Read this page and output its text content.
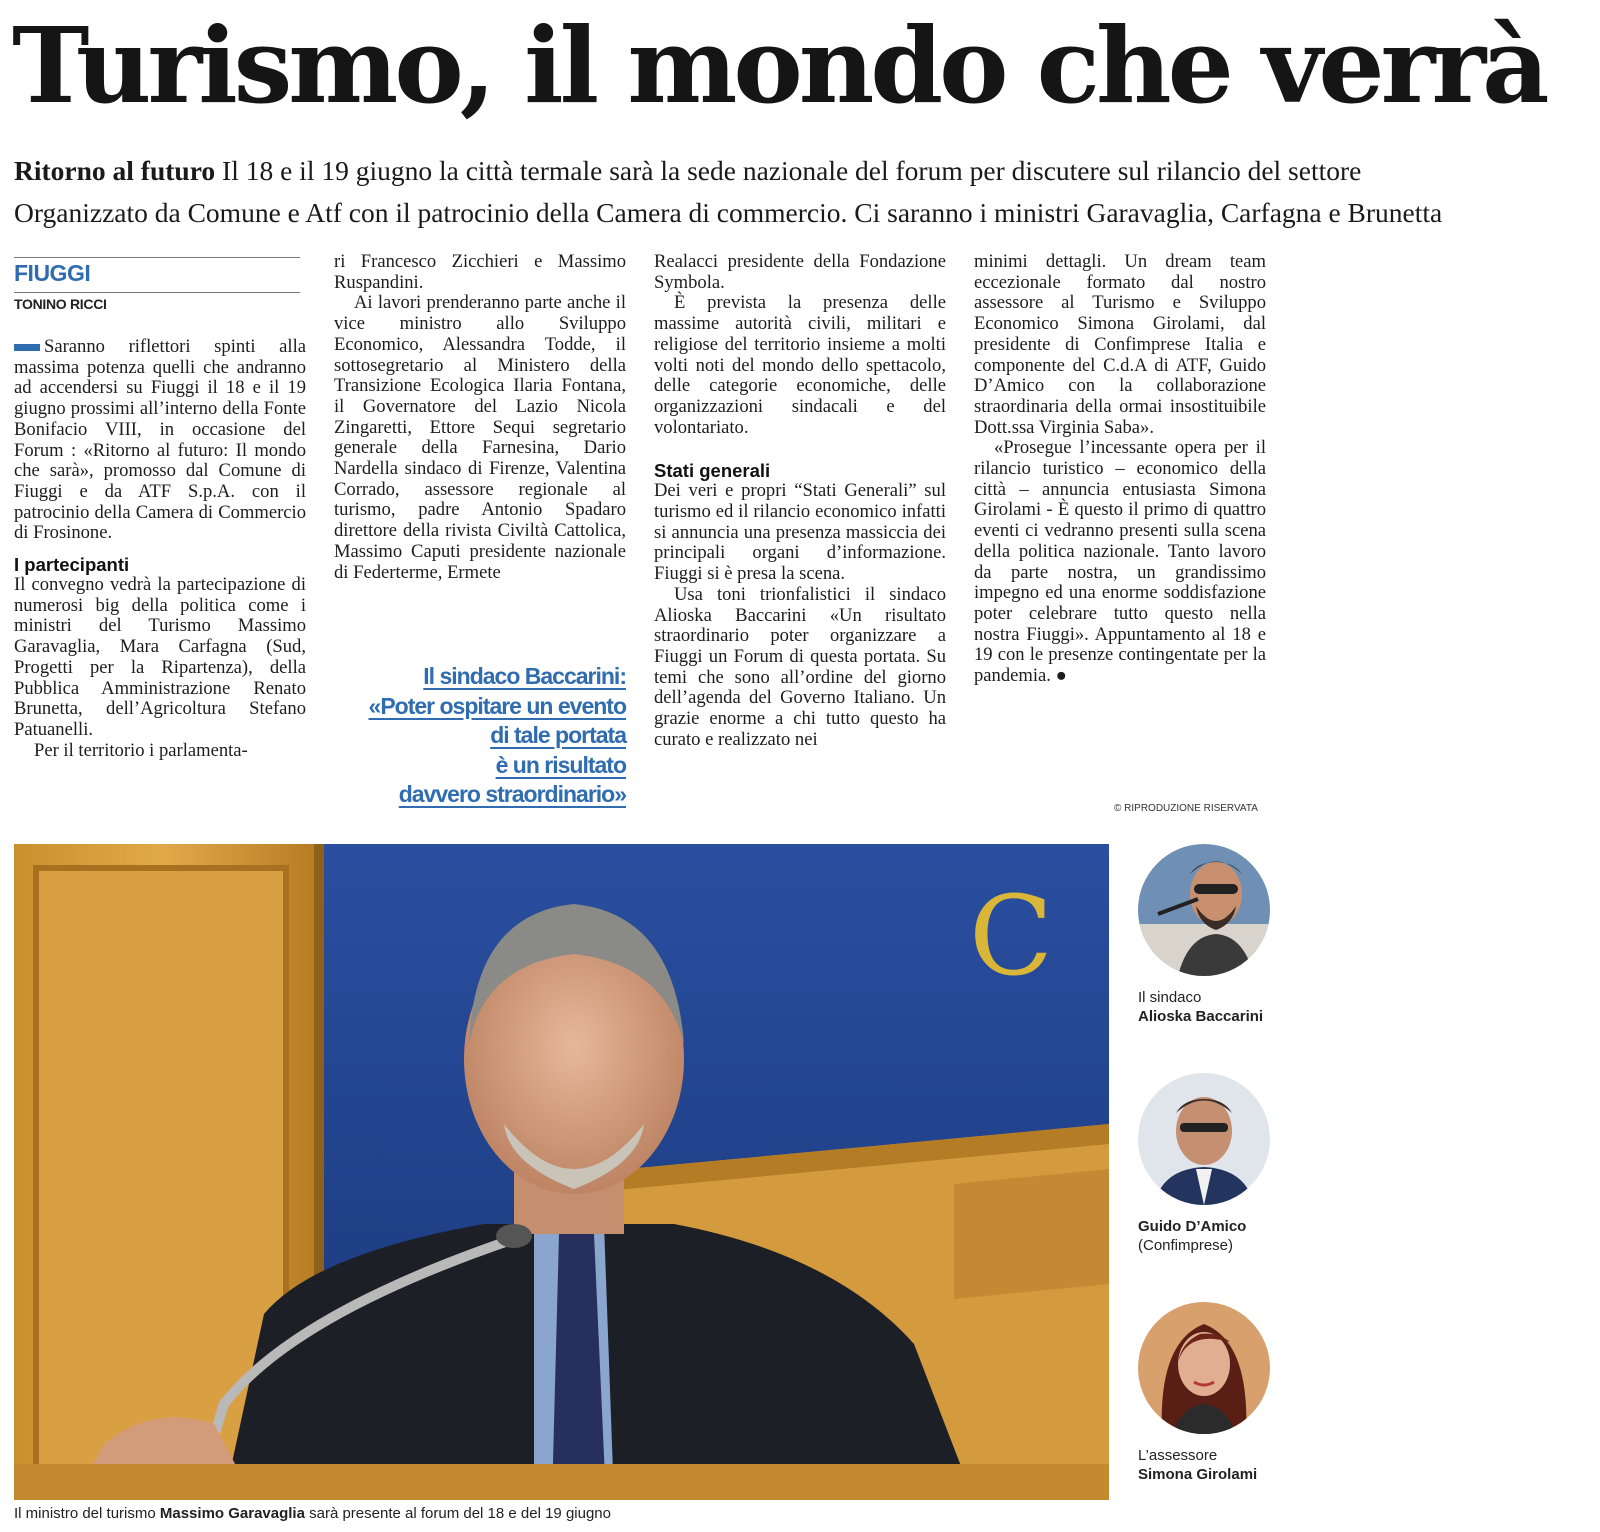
Turismo, il mondo che verrà
Ritorno al futuro Il 18 e il 19 giugno la città termale sarà la sede nazionale del forum per discutere sul rilancio del settore
Organizzato da Comune e Atf con il patrocinio della Camera di commercio. Ci saranno i ministri Garavaglia, Carfagna e Brunetta
FIUGGI
TONINO RICCI

Saranno riflettori spinti alla massima potenza quelli che andranno ad accendersi su Fiuggi il 18 e il 19 giugno prossimi all’interno della Fonte Bonifacio VIII, in occasione del Forum : «Ritorno al futuro: Il mondo che sarà», promosso dal Comune di Fiuggi e da ATF S.p.A. con il patrocinio della Camera di Commercio di Frosinone.

I partecipanti

Il convegno vedrà la partecipazione di numerosi big della politica come i ministri del Turismo Massimo Garavaglia, Mara Carfagna (Sud, Progetti per la Ripartenza), della Pubblica Amministrazione Renato Brunetta, dell’Agricoltura Stefano Patuanelli.

Per il territorio i parlamenta-

ri Francesco Zicchieri e Massimo Ruspandini.

Ai lavori prenderanno parte anche il vice ministro allo Sviluppo Economico, Alessandra Todde, il sottosegretario al Ministero della Transizione Ecologica Ilaria Fontana, il Governatore del Lazio Nicola Zingaretti, Ettore Sequi segretario generale della Farnesina, Dario Nardella sindaco di Firenze, Valentina Corrado, assessore regionale al turismo, padre Antonio Spadaro direttore della rivista Civiltà Cattolica, Massimo Caputi presidente nazionale di Federterme, Ermete

Il sindaco Baccarini:
«Poter ospitare un evento
di tale portata
è un risultato
davvero straordinario»

Realacci presidente della Fondazione Symbola.

È prevista la presenza delle massime autorità civili, militari e religiose del territorio insieme a molti volti noti del mondo dello spettacolo, delle categorie economiche, delle organizzazioni sindacali e del volontariato.

Stati generali

Dei veri e propri “Stati Generali” sul turismo ed il rilancio economico infatti si annuncia una presenza massiccia dei principali organi d’informazione. Fiuggi si è presa la scena.

Usa toni trionfalistici il sindaco Alioska Baccarini «Un risultato straordinario poter organizzare a Fiuggi un Forum di questa portata. Su temi che sono all’ordine del giorno dell’agenda del Governo Italiano. Un grazie enorme a chi tutto questo ha curato e realizzato nei

minimi dettagli. Un dream team eccezionale formato dal nostro assessore al Turismo e Sviluppo Economico Simona Girolami, dal presidente di Confimprese Italia e componente del C.d.A di ATF, Guido D’Amico con la collaborazione straordinaria della ormai insostituibile Dott.ssa Virginia Saba».

«Prosegue l’incessante opera per il rilancio turistico – economico della città – annuncia entusiasta Simona Girolami - È questo il primo di quattro eventi ci vedranno presenti sulla scena della politica nazionale. Tanto lavoro da parte nostra, un grandissimo impegno ed una enorme soddisfazione poter celebrare tutto questo nella nostra Fiuggi». Appuntamento al 18 e 19 con le presenze contingentate per la pandemia. ●

© RIPRODUZIONE RISERVATA
C
Il ministro del turismo Massimo Garavaglia sarà presente al forum del 18 e del 19 giugno
Il sindaco
Alioska Baccarini
Guido D’Amico
(Confimprese)
L’assessore
Simona Girolami
